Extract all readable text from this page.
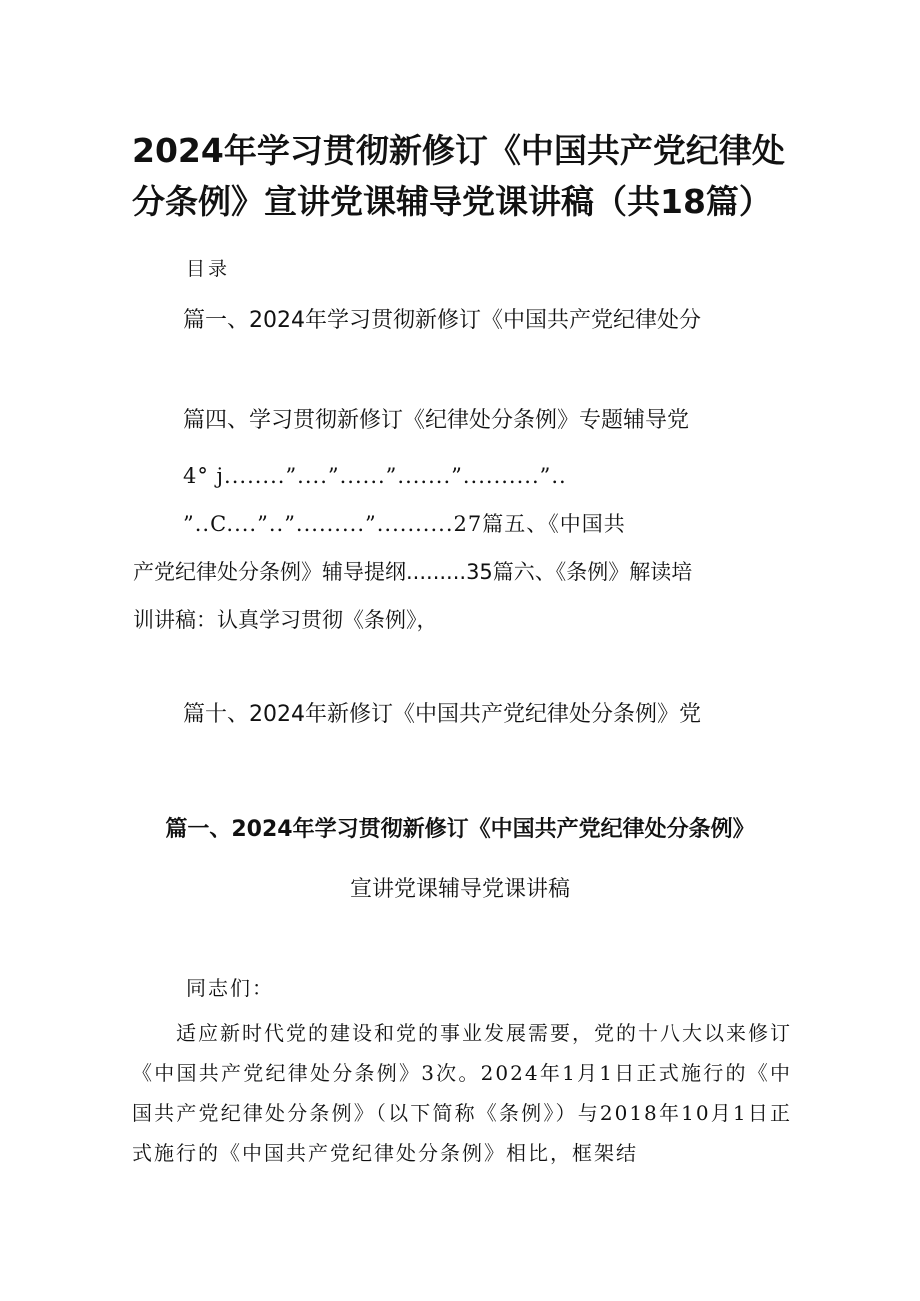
2024年学习贯彻新修订《中国共产党纪律处分条例》宣讲党课辅导党课讲稿（共18篇）
目录
篇一、2024年学习贯彻新修订《中国共产党纪律处分
篇四、学习贯彻新修订《纪律处分条例》专题辅导党
4° j........”....”......”.......”..........”..
”..C....”..”.........”..........27篇五、《中国共
产党纪律处分条例》辅导提纲.........35篇六、《条例》解读培
训讲稿：认真学习贯彻《条例》，
篇十、2024年新修订《中国共产党纪律处分条例》党
篇一、2024年学习贯彻新修订《中国共产党纪律处分条例》
宣讲党课辅导党课讲稿
同志们：

适应新时代党的建设和党的事业发展需要，党的十八大以来修订《中国共产党纪律处分条例》3次。2024年1月1日正式施行的《中国共产党纪律处分条例》（以下简称《条例》）与2018年10月1日正式施行的《中国共产党纪律处分条例》相比，框架结
